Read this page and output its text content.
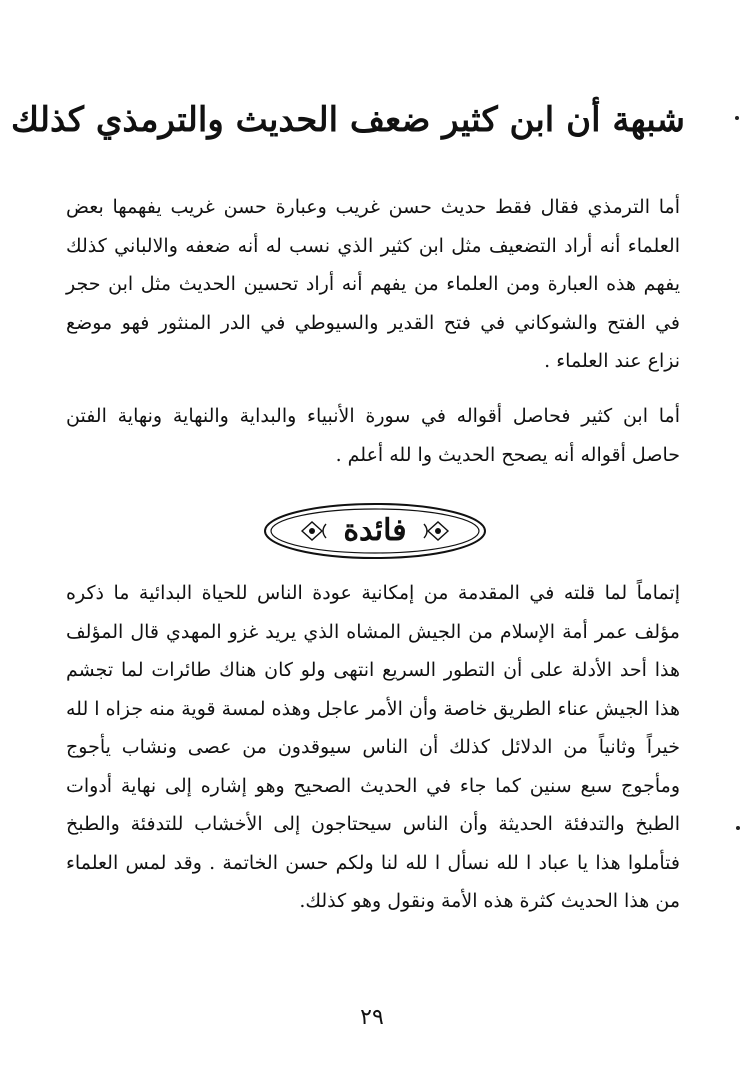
شبهة أن ابن كثير ضعف الحديث والترمذي كذلك
أما الترمذي فقال فقط حديث حسن غريب وعبارة حسن غريب يفهمها بعض العلماء أنه أراد التضعيف مثل ابن كثير الذي نسب له أنه ضعفه والالباني كذلك يفهم هذه العبارة ومن العلماء من يفهم أنه أراد تحسين الحديث مثل ابن حجر في الفتح والشوكاني في فتح القدير والسيوطي في الدر المنثور فهو موضع نزاع عند العلماء .
أما ابن كثير فحاصل أقواله في سورة الأنبياء والبداية والنهاية ونهاية الفتن حاصل أقواله أنه يصحح الحديث وا لله أعلم .
فائدة
إتماماً لما قلته في المقدمة من إمكانية عودة الناس للحياة البدائية ما ذكره مؤلف عمر أمة الإسلام من الجيش المشاه الذي يريد غزو المهدي قال المؤلف هذا أحد الأدلة على أن التطور السريع انتهى ولو كان هناك طائرات لما تجشم هذا الجيش عناء الطريق خاصة وأن الأمر عاجل وهذه لمسة قوية منه جزاه ا لله خيراً وثانياً من الدلائل كذلك أن الناس سيوقدون من عصى ونشاب يأجوج ومأجوج سبع سنين كما جاء في الحديث الصحيح وهو إشاره إلى نهاية أدوات الطبخ والتدفئة الحديثة وأن الناس سيحتاجون إلى الأخشاب للتدفئة والطبخ فتأملوا هذا يا عباد ا لله نسأل ا لله لنا ولكم حسن الخاتمة . وقد لمس العلماء من هذا الحديث كثرة هذه الأمة ونقول وهو كذلك.
٢٩
